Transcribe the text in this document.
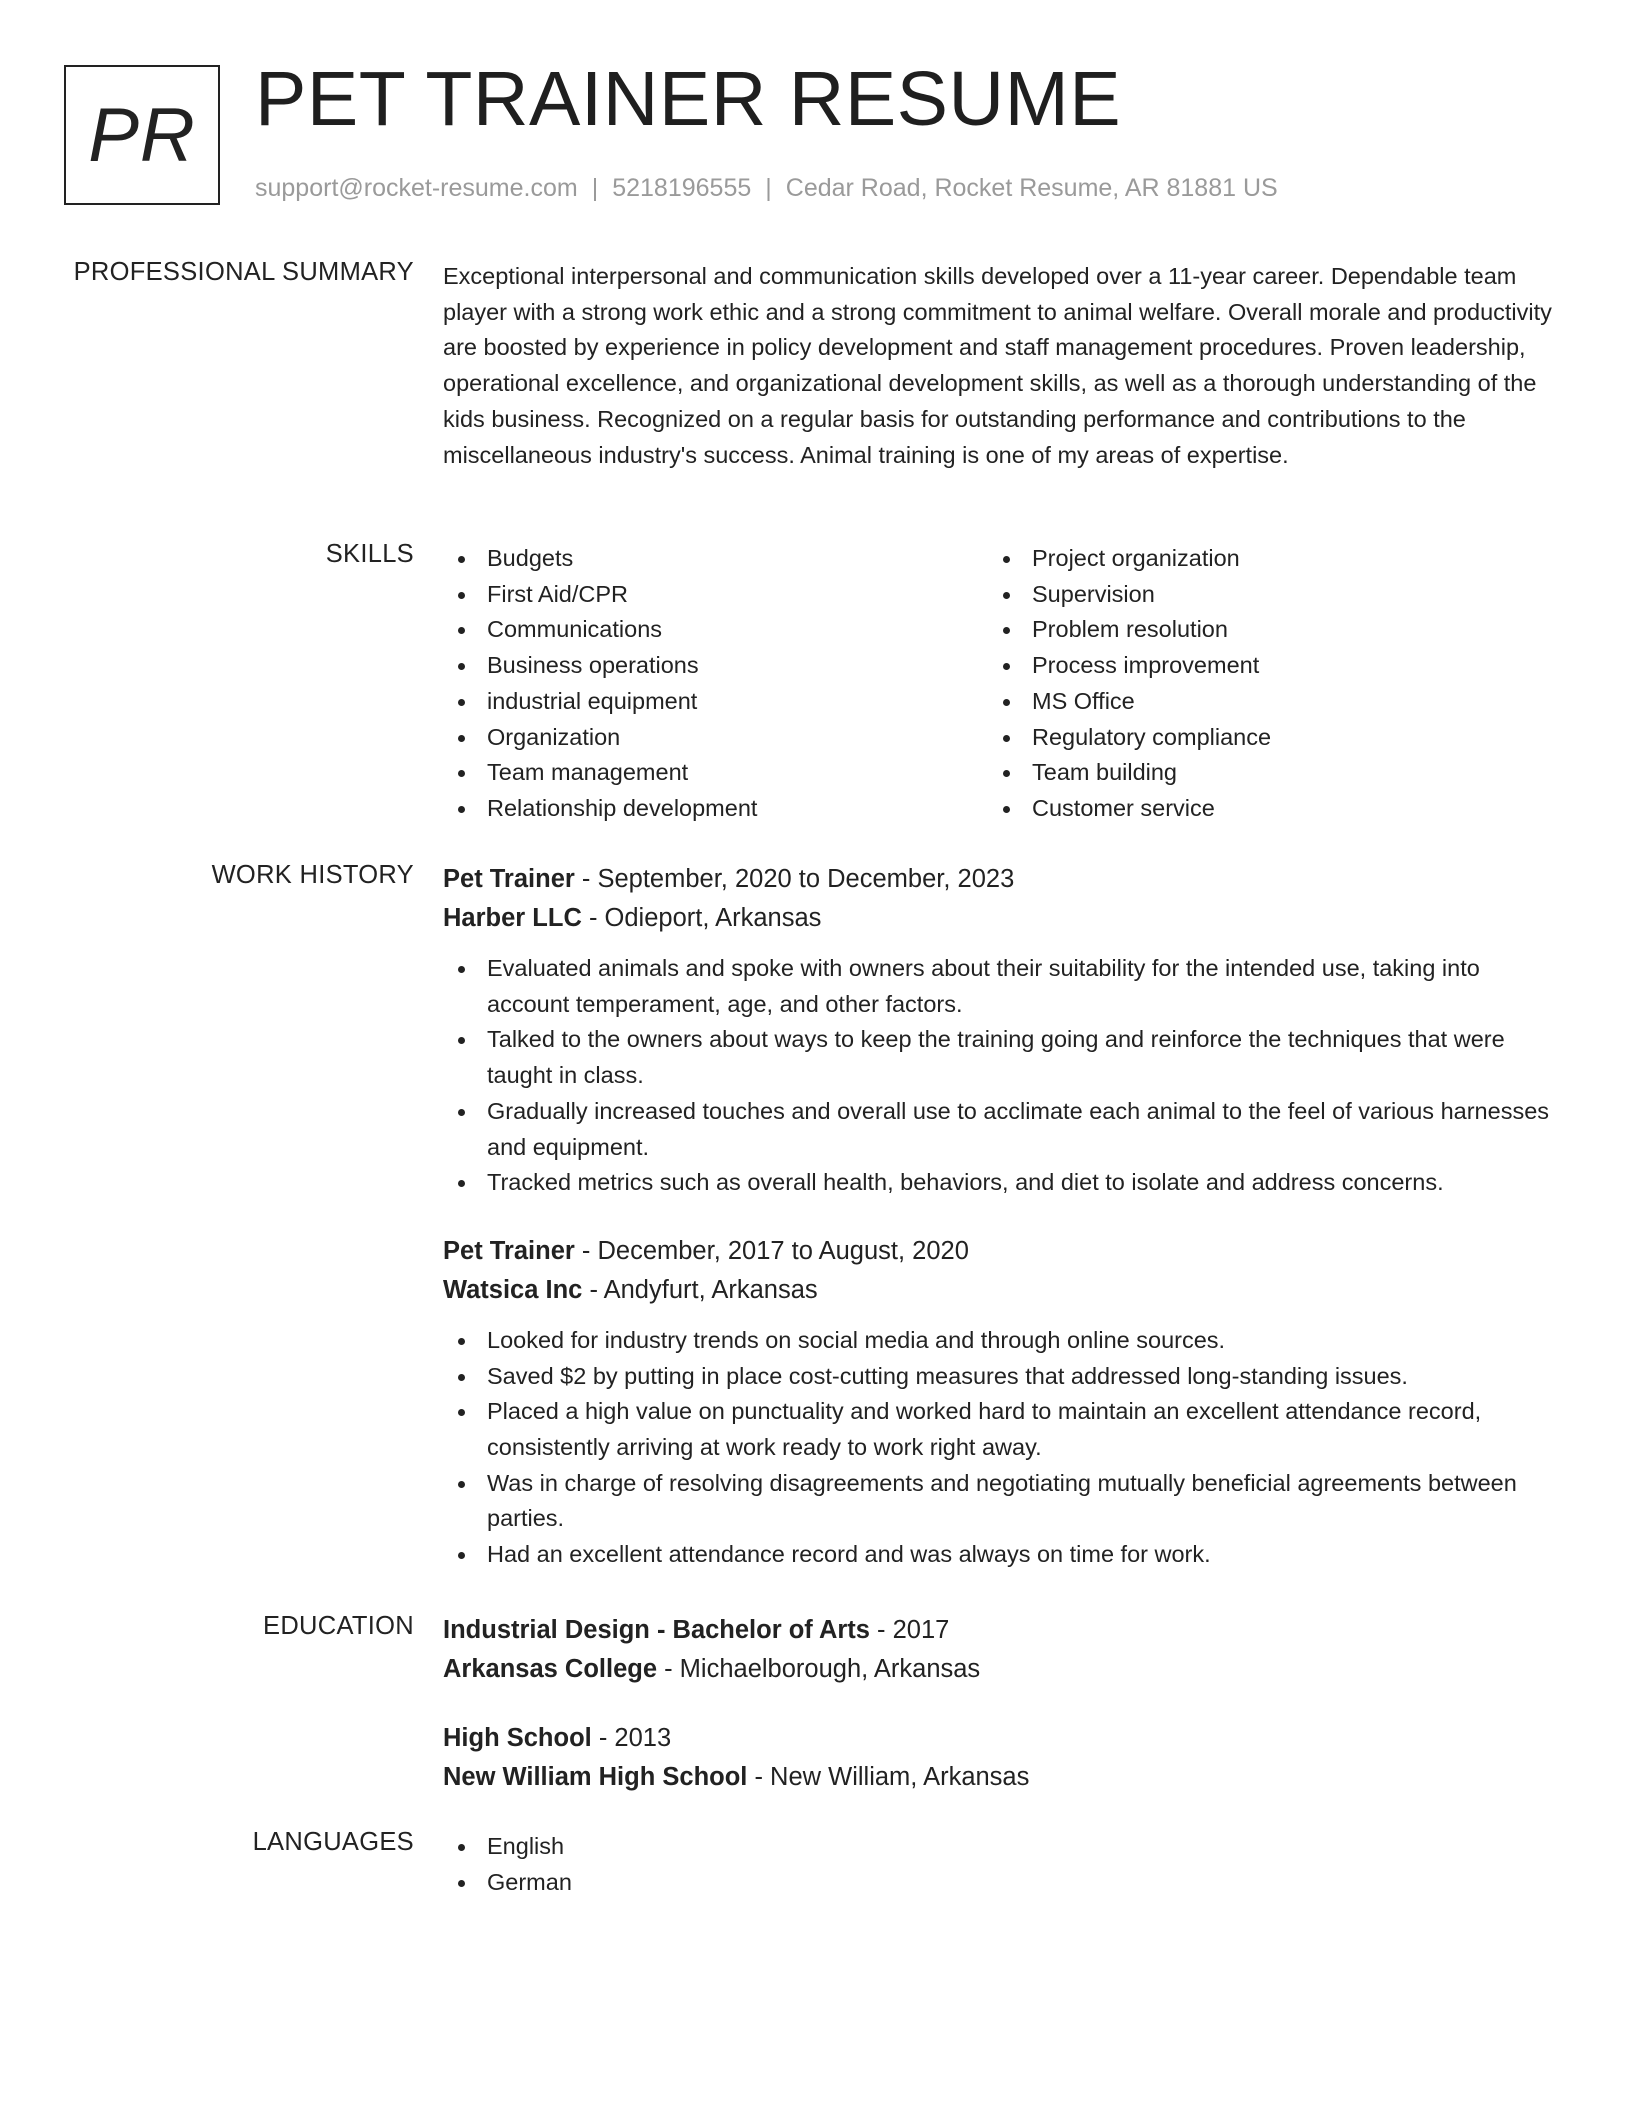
PR PET TRAINER RESUME
support@rocket-resume.com | 5218196555 | Cedar Road, Rocket Resume, AR 81881 US
PROFESSIONAL SUMMARY Exceptional interpersonal and communication skills developed over a 11-year career. Dependable team player with a strong work ethic and a strong commitment to animal welfare. Overall morale and productivity are boosted by experience in policy development and staff management procedures. Proven leadership, operational excellence, and organizational development skills, as well as a thorough understanding of the kids business. Recognized on a regular basis for outstanding performance and contributions to the miscellaneous industry's success. Animal training is one of my areas of expertise.

SKILLS	Budgets
First Aid/CPR
Communications
Business operations
industrial equipment
Organization
Team management
Relationship development
Project organization
Supervision
Problem resolution
Process improvement
MS Office
Regulatory compliance
Team building
Customer service
WORK HISTORY Pet Trainer - September, 2020 to December, 2023
Harber LLC - Odieport, Arkansas
Evaluated animals and spoke with owners about their suitability for the intended use, taking into account temperament, age, and other factors.
Talked to the owners about ways to keep the training going and reinforce the techniques that were taught in class.
Gradually increased touches and overall use to acclimate each animal to the feel of various harnesses and equipment.
Tracked metrics such as overall health, behaviors, and diet to isolate and address concerns.
Pet Trainer - December, 2017 to August, 2020
Watsica Inc - Andyfurt, Arkansas
Looked for industry trends on social media and through online sources.
Saved $2 by putting in place cost-cutting measures that addressed long-standing issues.
Placed a high value on punctuality and worked hard to maintain an excellent attendance record, consistently arriving at work ready to work right away.
Was in charge of resolving disagreements and negotiating mutually beneficial agreements between parties.
Had an excellent attendance record and was always on time for work.
EDUCATION Industrial Design - Bachelor of Arts - 2017
Arkansas College - Michaelborough, Arkansas
High School - 2013
New William High School - New William, Arkansas
LANGUAGES	English
German
